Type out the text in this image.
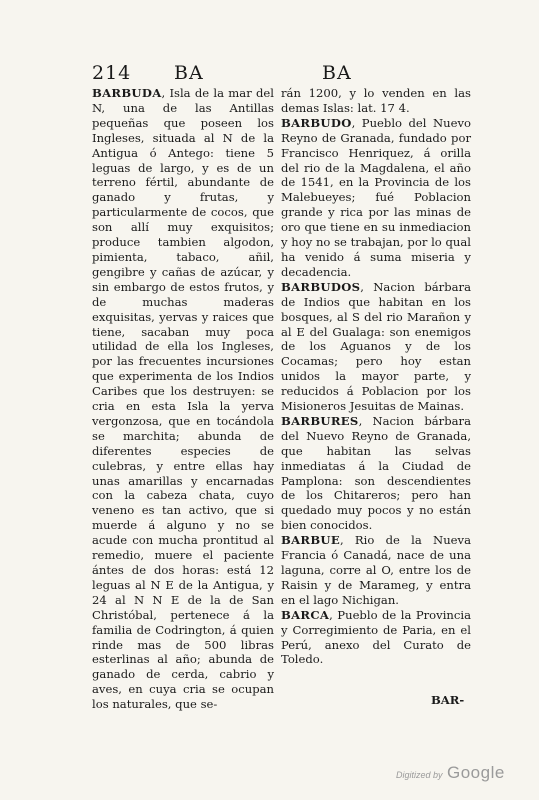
214 BA	BA

BARBUDA, Isla de la mar del N, una de las Antillas pequeñas que poseen los Ingleses, situada al N de la Antigua ó Antego: tiene 5 leguas de largo, y es de un terreno fértil, abundante de ganado y frutas, y particularmente de cocos, que son allí muy exquisitos; produce tambien algodon, pimienta, tabaco, añil, gengibre y cañas de azúcar, y sin embargo de estos frutos, y de muchas maderas exquisitas, yervas y raices que tiene, sacaban muy poca utilidad de ella los Ingleses, por las frecuentes incursiones que experimenta de los Indios Caribes que los destruyen: se cria en esta Isla la yerva vergonzosa, que en tocándola se marchita; abunda de diferentes especies de culebras, y entre ellas hay unas amarillas y encarnadas con la cabeza chata, cuyo veneno es tan activo, que si muerde á alguno y no se acude con mucha prontitud al remedio, muere el paciente ántes de dos horas: está 12 leguas al N E de la Antigua, y 24 al N N E de la de San Christóbal, pertenece á la familia de Codrington, á quien rinde mas de 500 libras esterlinas al año; abunda de ganado de cerda, cabrio y aves, en cuya cria se ocupan los naturales, que se-

rán 1200, y lo venden en las demas Islas: lat. 17 4.

BARBUDO, Pueblo del Nuevo Reyno de Granada, fundado por Francisco Henriquez, á orilla del rio de la Magdalena, el año de 1541, en la Provincia de los Malebueyes; fué Poblacion grande y rica por las minas de oro que tiene en su inmediacion y hoy no se trabajan, por lo qual ha venido á suma miseria y decadencia.

BARBUDOS, Nacion bárbara de Indios que habitan en los bosques, al S del rio Marañon y al E del Gualaga: son enemigos de los Aguanos y de los Cocamas; pero hoy estan unidos la mayor parte, y reducidos á Poblacion por los Misioneros Jesuitas de Mainas.

BARBURES, Nacion bárbara del Nuevo Reyno de Granada, que habitan las selvas inmediatas á la Ciudad de Pamplona: son descendientes de los Chitareros; pero han quedado muy pocos y no están bien conocidos.

BARBUE, Rio de la Nueva Francia ó Canadá, nace de una laguna, corre al O, entre los de Raisin y de Marameg, y entra en el lago Nichigan.

BARCA, Pueblo de la Provincia y Corregimiento de Paria, en el Perú, anexo del Curato de Toledo.

BAR-
Digitized by Google
